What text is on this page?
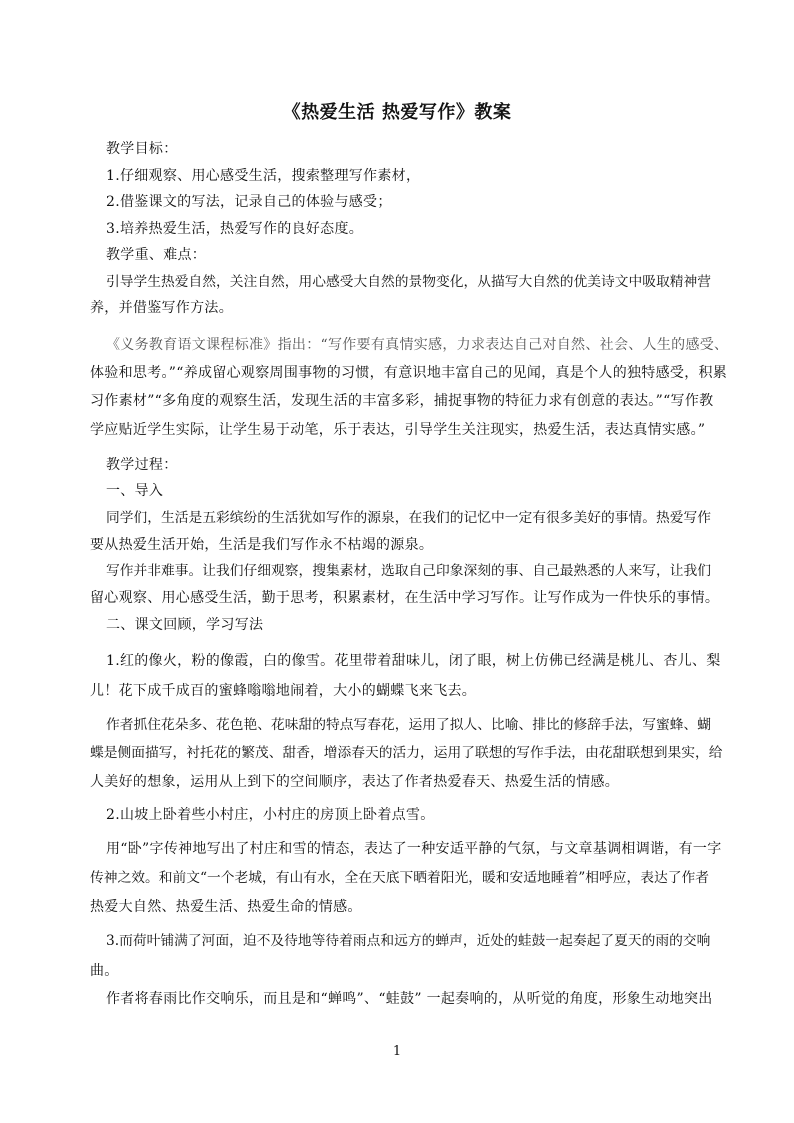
《热爱生活 热爱写作》教案
教学目标：
1.仔细观察、用心感受生活，搜索整理写作素材，
2.借鉴课文的写法，记录自己的体验与感受；
3.培养热爱生活，热爱写作的良好态度。
教学重、难点：
引导学生热爱自然，关注自然，用心感受大自然的景物变化，从描写大自然的优美诗文中吸取精神营
养，并借鉴写作方法。
《义务教育语文课程标准》指出：“写作要有真情实感，力求表达自己对自然、社会、人生的感受、
体验和思考。”“养成留心观察周围事物的习惯，有意识地丰富自己的见闻，真是个人的独特感受，积累
习作素材”“多角度的观察生活，发现生活的丰富多彩，捕捉事物的特征力求有创意的表达。”“写作教
学应贴近学生实际，让学生易于动笔，乐于表达，引导学生关注现实，热爱生活，表达真情实感。”
教学过程：
一、导入
同学们，生活是五彩缤纷的生活犹如写作的源泉，在我们的记忆中一定有很多美好的事情。热爱写作
要从热爱生活开始，生活是我们写作永不枯竭的源泉。
写作并非难事。让我们仔细观察，搜集素材，选取自己印象深刻的事、自己最熟悉的人来写，让我们
留心观察、用心感受生活，勤于思考，积累素材，在生活中学习写作。让写作成为一件快乐的事情。
二、课文回顾，学习写法
1.红的像火，粉的像霞，白的像雪。花里带着甜味儿，闭了眼，树上仿佛已经满是桃儿、杏儿、梨
儿！花下成千成百的蜜蜂嗡嗡地闹着，大小的蝴蝶飞来飞去。
作者抓住花朵多、花色艳、花味甜的特点写春花，运用了拟人、比喻、排比的修辞手法，写蜜蜂、蝴
蝶是侧面描写，衬托花的繁茂、甜香，增添春天的活力，运用了联想的写作手法，由花甜联想到果实，给
人美好的想象，运用从上到下的空间顺序，表达了作者热爱春天、热爱生活的情感。
2.山坡上卧着些小村庄，小村庄的房顶上卧着点雪。
用“卧”字传神地写出了村庄和雪的情态，表达了一种安适平静的气氛，与文章基调相调谐，有一字
传神之效。和前文“一个老城，有山有水，全在天底下晒着阳光，暖和安适地睡着”相呼应，表达了作者
热爱大自然、热爱生活、热爱生命的情感。
3.而荷叶铺满了河面，迫不及待地等待着雨点和远方的蝉声，近处的蛙鼓一起奏起了夏天的雨的交响
曲。
作者将春雨比作交响乐，而且是和“蝉鸣”、“蛙鼓” 一起奏响的，从听觉的角度，形象生动地突出
1
